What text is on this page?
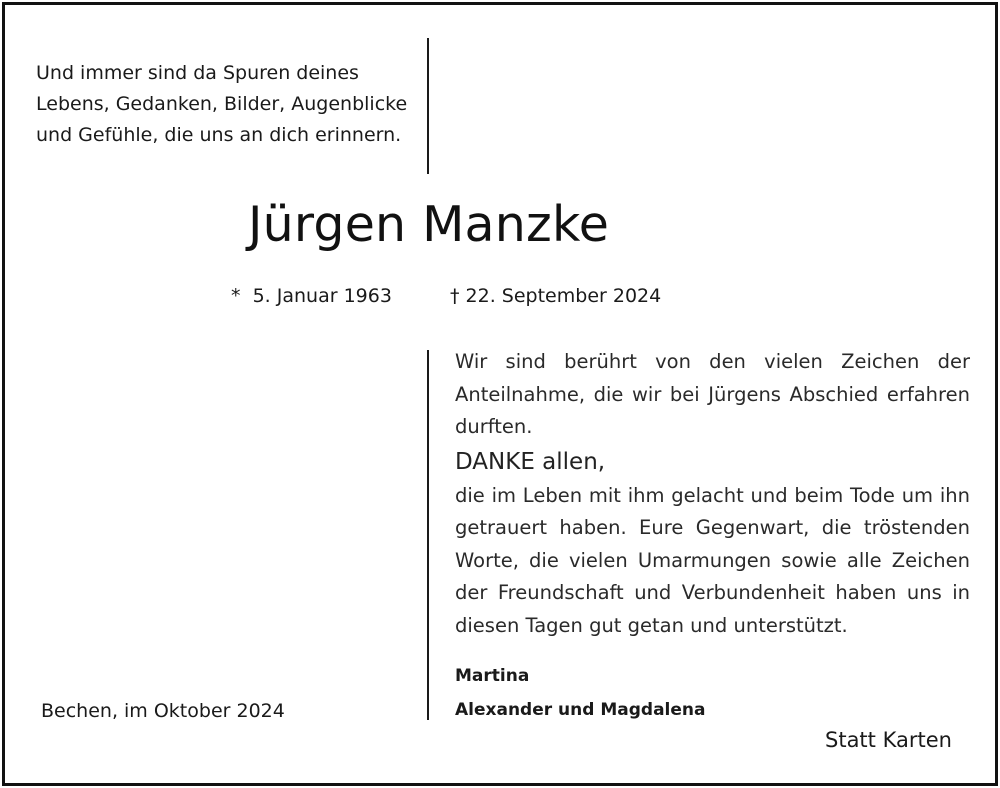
Und immer sind da Spuren deines
Lebens, Gedanken, Bilder, Augenblicke
und Gefühle, die uns an dich erinnern.
Jürgen Manzke
*  5. Januar 1963	† 22. September 2024

Wir sind berührt von den vielen Zeichen der Anteilnahme, die wir bei Jürgens Abschied erfahren durften.

DANKE allen,

die im Leben mit ihm gelacht und beim Tode um ihn getrauert haben. Eure Gegenwart, die tröstenden Worte, die vielen Umarmungen sowie alle Zeichen der Freundschaft und Verbundenheit haben uns in diesen Tagen gut getan und unterstützt.

Martina
Alexander und Magdalena
Bechen, im Oktober 2024
Statt Karten
